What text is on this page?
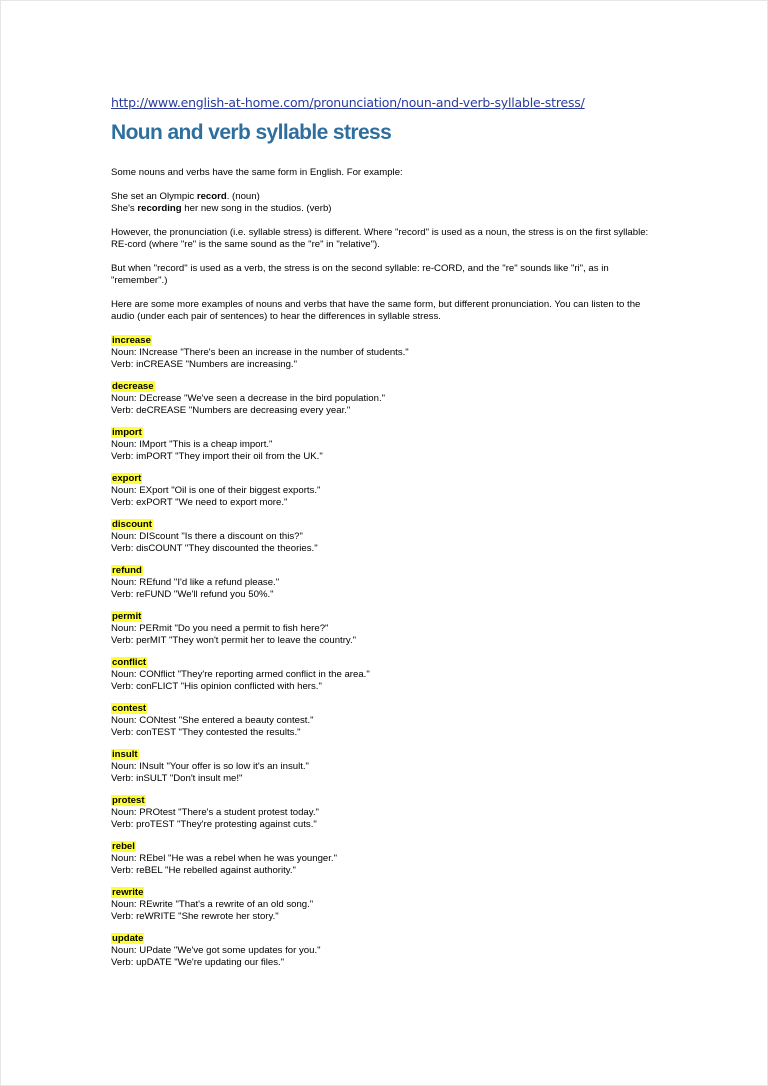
http://www.english-at-home.com/pronunciation/noun-and-verb-syllable-stress/
Noun and verb syllable stress

Some nouns and verbs have the same form in English. For example:

She set an Olympic record. (noun)
She's recording her new song in the studios. (verb)

However, the pronunciation (i.e. syllable stress) is different. Where "record" is used as a noun, the stress is on the first syllable:
RE-cord (where "re" is the same sound as the "re" in "relative").

But when "record" is used as a verb, the stress is on the second syllable: re-CORD, and the "re" sounds like "ri", as in
"remember".)

Here are some more examples of nouns and verbs that have the same form, but different pronunciation. You can listen to the
audio (under each pair of sentences) to hear the differences in syllable stress.

increase
Noun: INcrease "There's been an increase in the number of students."
Verb: inCREASE "Numbers are increasing."
decrease
Noun: DEcrease "We've seen a decrease in the bird population."
Verb: deCREASE "Numbers are decreasing every year."
import
Noun: IMport "This is a cheap import."
Verb: imPORT "They import their oil from the UK."
export
Noun: EXport "Oil is one of their biggest exports."
Verb: exPORT "We need to export more."
discount
Noun: DIScount "Is there a discount on this?"
Verb: disCOUNT "They discounted the theories."
refund
Noun: REfund "I'd like a refund please."
Verb: reFUND "We'll refund you 50%."
permit
Noun: PERmit "Do you need a permit to fish here?"
Verb: perMIT "They won't permit her to leave the country."
conflict
Noun: CONflict "They're reporting armed conflict in the area."
Verb: conFLICT "His opinion conflicted with hers."
contest
Noun: CONtest "She entered a beauty contest."
Verb: conTEST "They contested the results."
insult
Noun: INsult "Your offer is so low it's an insult."
Verb: inSULT "Don't insult me!"
protest
Noun: PROtest "There's a student protest today."
Verb: proTEST "They're protesting against cuts."
rebel
Noun: REbel "He was a rebel when he was younger."
Verb: reBEL "He rebelled against authority."
rewrite
Noun: REwrite "That's a rewrite of an old song."
Verb: reWRITE "She rewrote her story."
update
Noun: UPdate "We've got some updates for you."
Verb: upDATE "We're updating our files."
